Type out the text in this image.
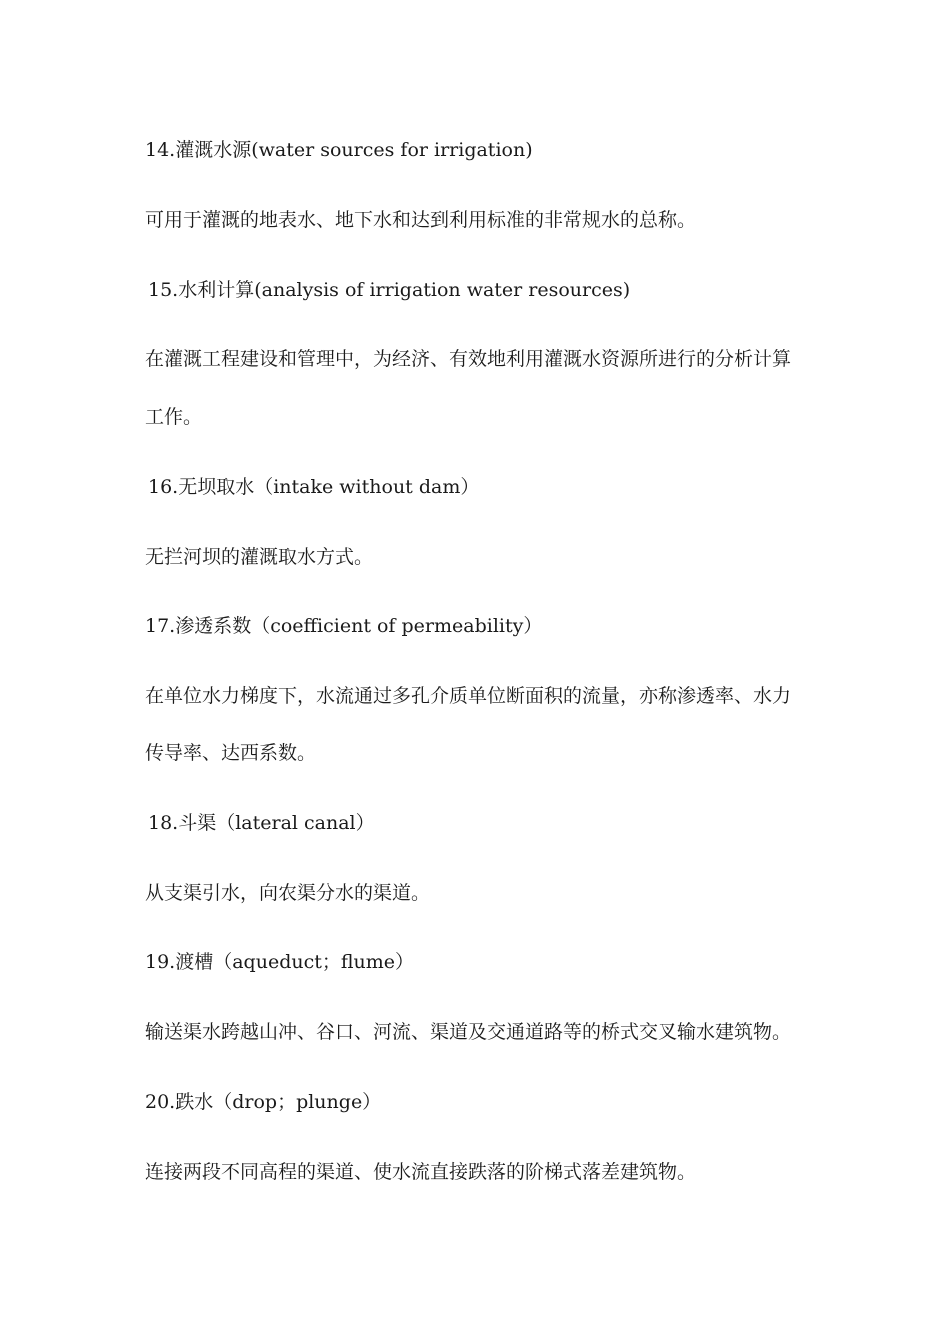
14.灌溉水源(water sources for irrigation)
可用于灌溉的地表水、地下水和达到利用标准的非常规水的总称。
15.水利计算(analysis of irrigation water resources)
在灌溉工程建设和管理中，为经济、有效地利用灌溉水资源所进行的分析计算
工作。
16.无坝取水（intake without dam）
无拦河坝的灌溉取水方式。
17.渗透系数（coefficient of permeability）
在单位水力梯度下，水流通过多孔介质单位断面积的流量，亦称渗透率、水力
传导率、达西系数。
18.斗渠（lateral canal）
从支渠引水，向农渠分水的渠道。
19.渡槽（aqueduct；flume）
输送渠水跨越山冲、谷口、河流、渠道及交通道路等的桥式交叉输水建筑物。
20.跌水（drop；plunge）
连接两段不同高程的渠道、使水流直接跌落的阶梯式落差建筑物。
